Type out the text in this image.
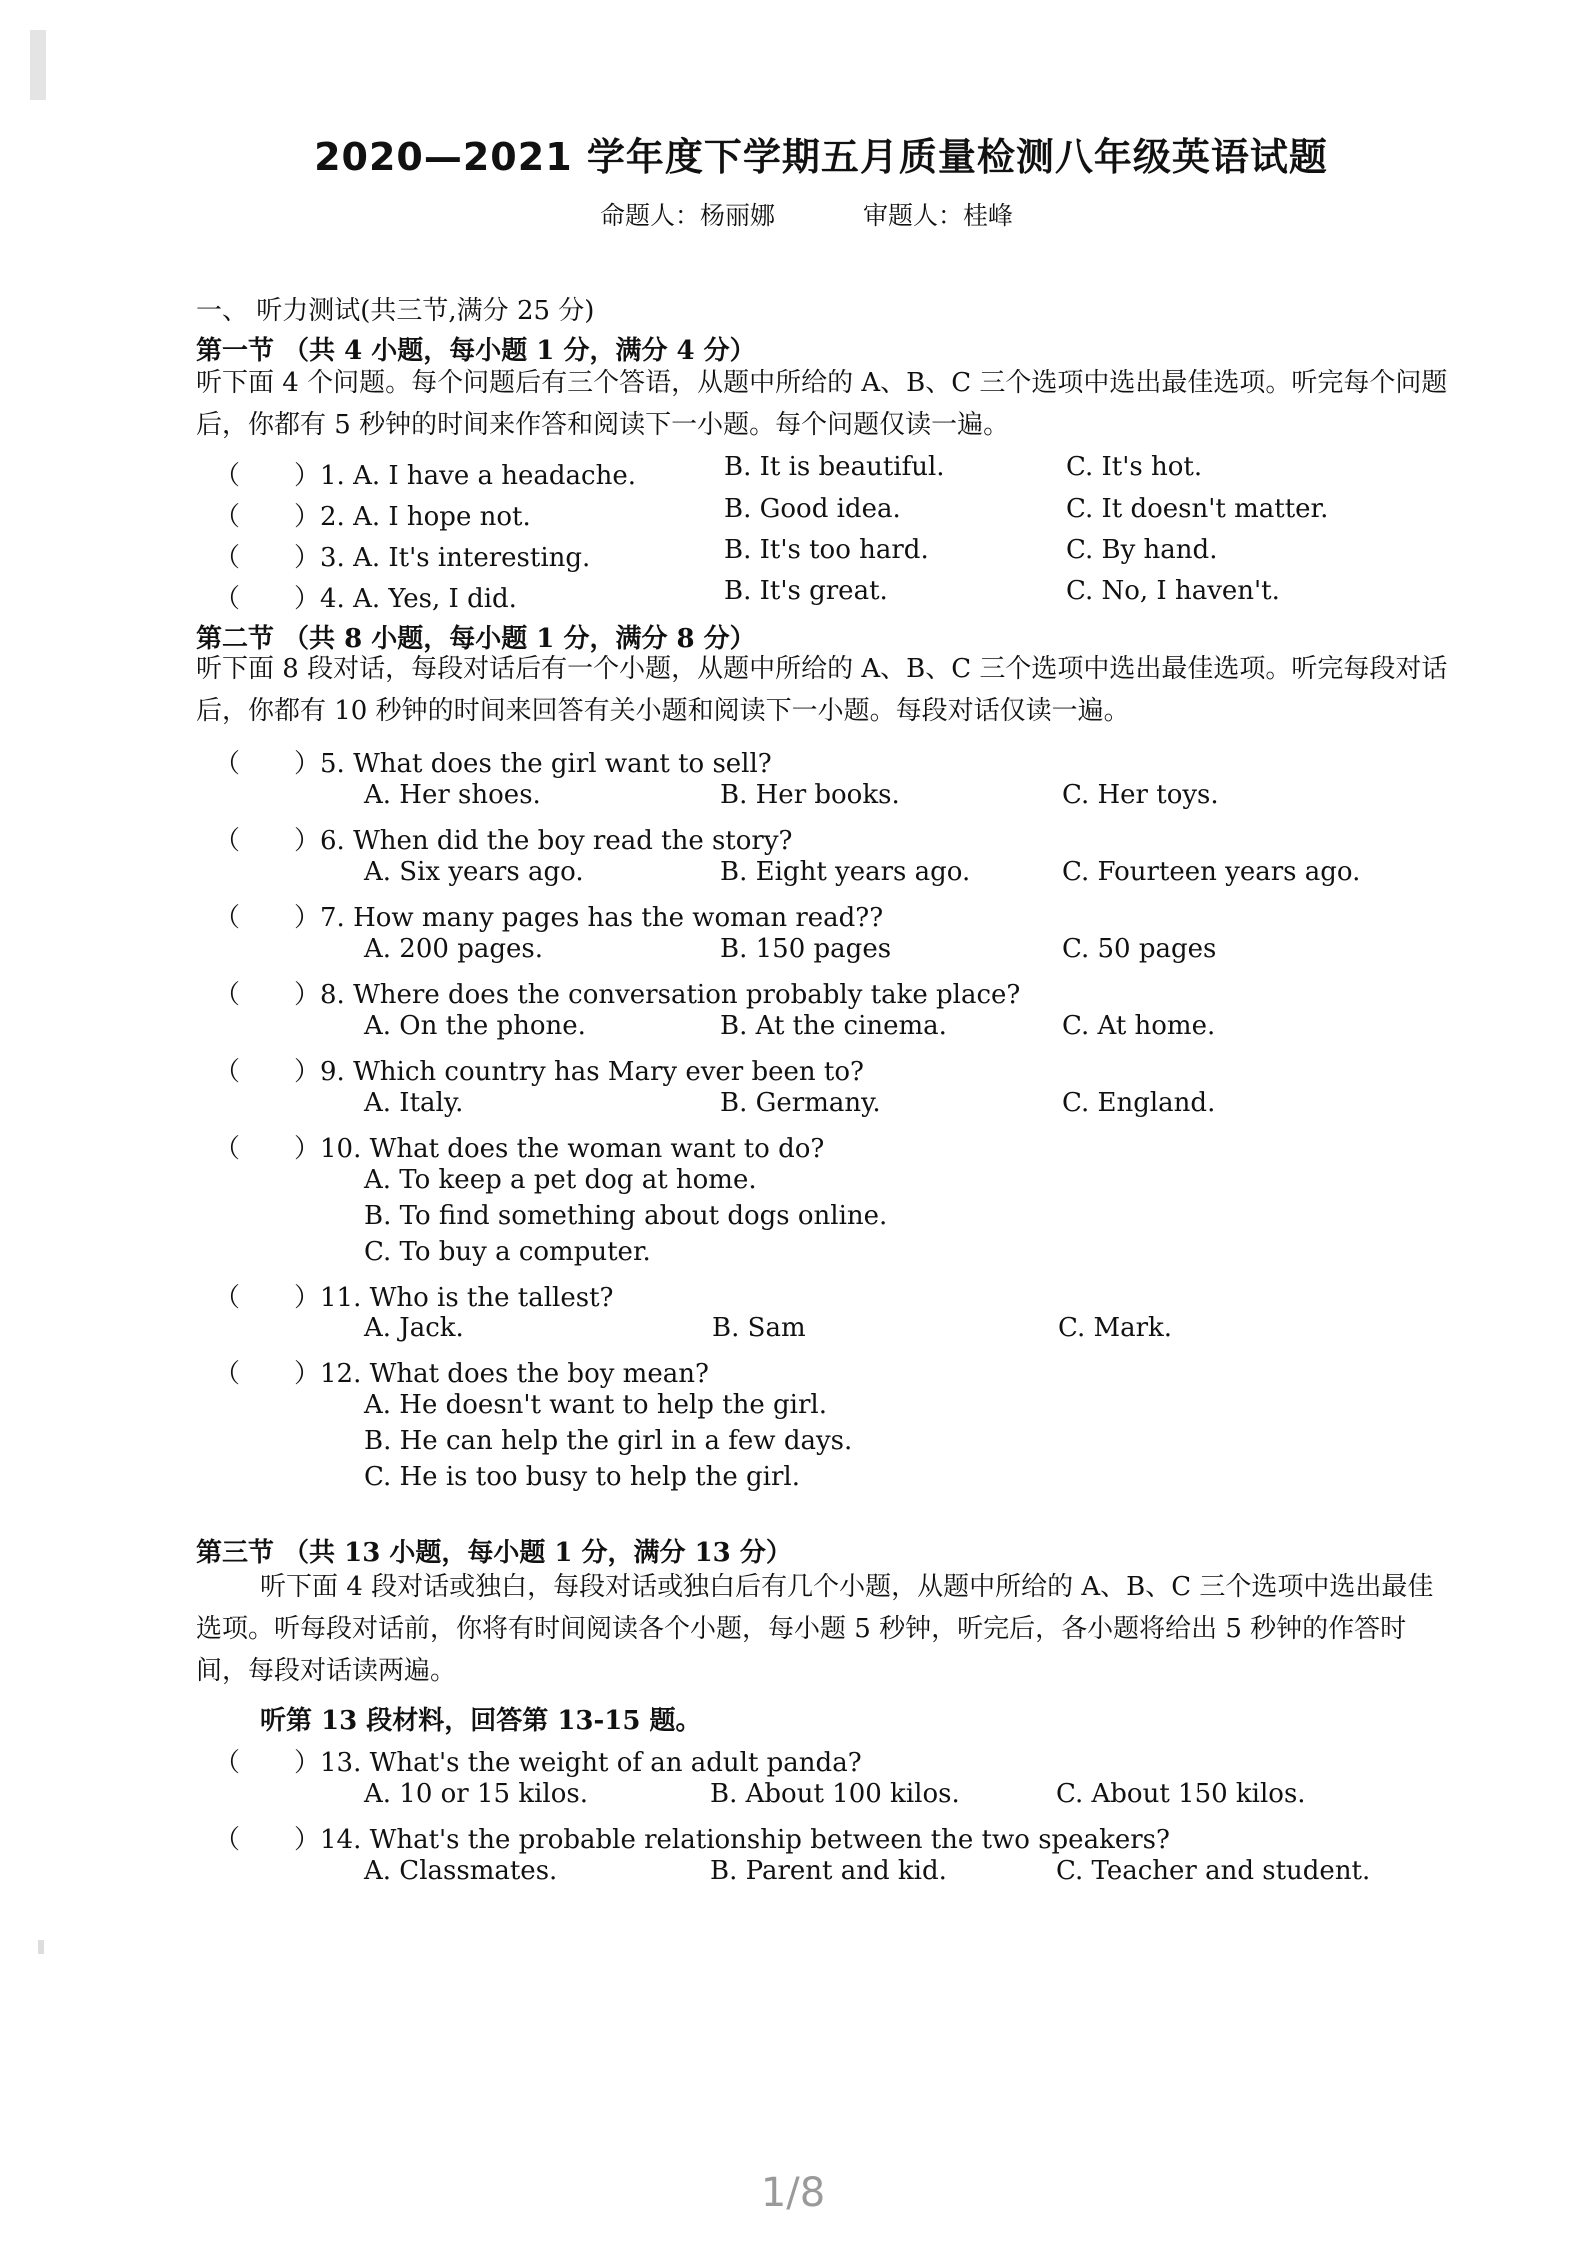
2020—2021 学年度下学期五月质量检测八年级英语试题
命题人：杨丽娜	审题人：桂峰
一、 听力测试(共三节,满分 25 分)
第一节 （共 4 小题，每小题 1 分，满分 4 分）
听下面 4 个问题。每个问题后有三个答语，从题中所给的 A、B、C 三个选项中选出最佳选项。听完每个问题后，你都有 5 秒钟的时间来作答和阅读下一小题。每个问题仅读一遍。
（ ）1. A. I have a headache.	B. It is beautiful.	C. It's hot.
（ ）2. A. I hope not.	B. Good idea.	C. It doesn't matter.
（ ）3. A. It's interesting.	B. It's too hard.	C. By hand.
（ ）4. A. Yes, I did.	B. It's great.	C. No, I haven't.
第二节 （共 8 小题，每小题 1 分，满分 8 分）
听下面 8 段对话，每段对话后有一个小题，从题中所给的 A、B、C 三个选项中选出最佳选项。听完每段对话后，你都有 10 秒钟的时间来回答有关小题和阅读下一小题。每段对话仅读一遍。
（ ）5. What does the girl want to sell?
A. Her shoes.	B. Her books.	C. Her toys.
（ ）6. When did the boy read the story?
A. Six years ago.	B. Eight years ago.	C. Fourteen years ago.
（ ）7. How many pages has the woman read??
A. 200 pages.	B. 150 pages	C. 50 pages
（ ）8. Where does the conversation probably take place?
A. On the phone.	B. At the cinema.	C. At home.
（ ）9. Which country has Mary ever been to?
A. Italy.	B. Germany.	C. England.
（ ）10. What does the woman want to do?
A. To keep a pet dog at home.
B. To find something about dogs online.
C. To buy a computer.
（ ）11. Who is the tallest?
A. Jack.	B. Sam	C. Mark.
（ ）12. What does the boy mean?
A. He doesn't want to help the girl.
B. He can help the girl in a few days.
C. He is too busy to help the girl.
第三节 （共 13 小题，每小题 1 分，满分 13 分）
听下面 4 段对话或独白，每段对话或独白后有几个小题，从题中所给的 A、B、C 三个选项中选出最佳选项。听每段对话前，你将有时间阅读各个小题，每小题 5 秒钟，听完后，各小题将给出 5 秒钟的作答时间，每段对话读两遍。
听第 13 段材料，回答第 13-15 题。
（ ）13. What's the weight of an adult panda?
A. 10 or 15 kilos.	B. About 100 kilos.	C. About 150 kilos.
（ ）14. What's the probable relationship between the two speakers?
A. Classmates.	B. Parent and kid.	C. Teacher and student.
1/8
